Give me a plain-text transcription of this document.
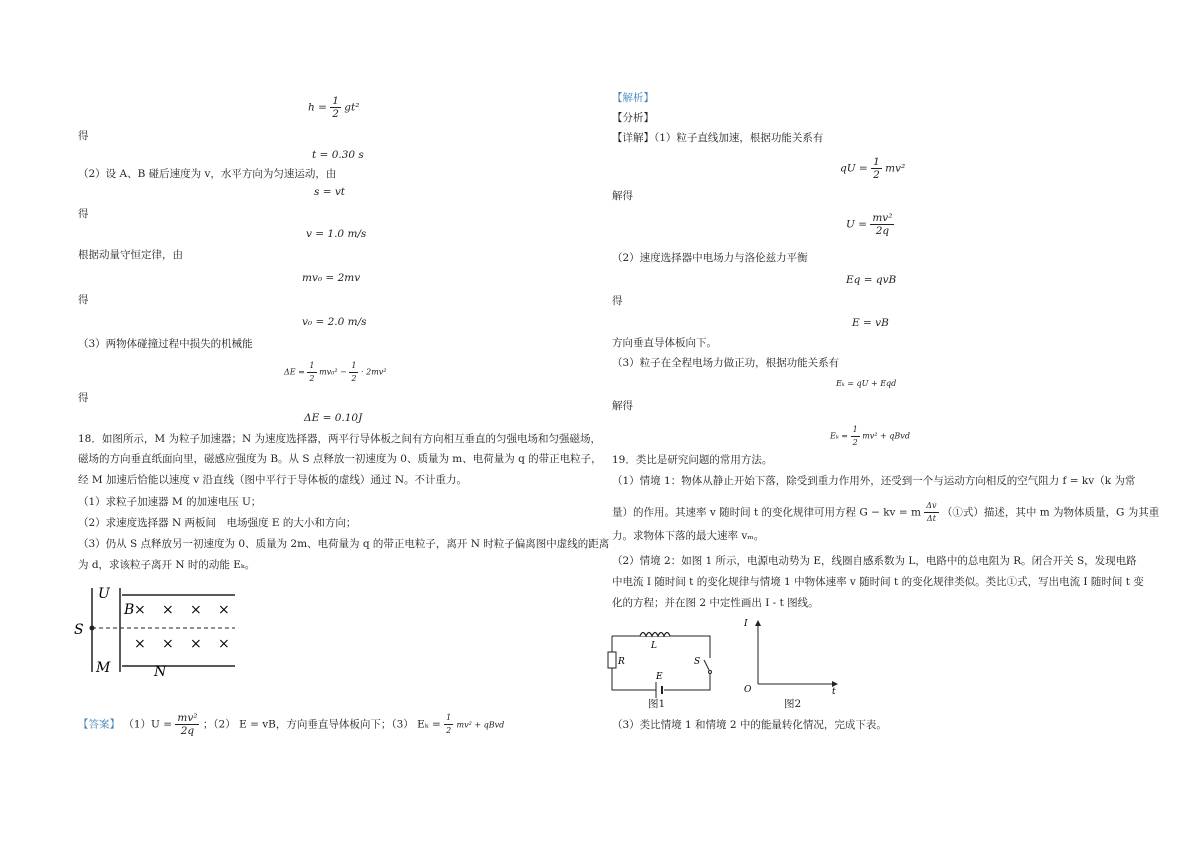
$h = \frac{1}{2} gt^2$
得
t = 0.30 s
（2）设 A、B 碰后速度为 v，水平方向为匀速运动，由
s = vt
得
v = 1.0 m/s
根据动量守恒定律，由
mv₀ = 2mv
得
v₀ = 2.0 m/s
（3）两物体碰撞过程中损失的机械能
$\Delta E = \frac{1}{2} mv_0^2 - \frac{1}{2} \cdot 2mv^2$
得
ΔE = 0.10J
18．如图所示，M 为粒子加速器；N 为速度选择器，两平行导体板之间有方向相互垂直的匀强电场和匀强磁场，
磁场的方向垂直纸面向里，磁感应强度为 B。从 S 点释放一初速度为 0、质量为 m、电荷量为 q 的带正电粒子，
经 M 加速后恰能以速度 v 沿直线（图中平行于导体板的虚线）通过 N。不计重力。
（1）求粒子加速器 M 的加速电压 U；
（2）求速度选择器 N 两板间　电场强度 E 的大小和方向；
（3）仍从 S 点释放另一初速度为 0、质量为 2m、电荷量为 q 的带正电粒子，离开 N 时粒子偏离图中虚线的距离
为 d，求该粒子离开 N 时的动能 Eₖ。
U
B
S
M	N
× × × ×
× × × ×
【答案】 $(1)U = \frac{\text{mv²}}{2q}$ ；（2） E = vB，方向垂直导体板向下；（3） $E_k = \frac{1}{2} mv^2$ + qBvd
【解析】
【分析】
【详解】（1）粒子直线加速，根据功能关系有
qU = $\frac{1}{2} mv^2$
解得
$U = \frac{\text{mv²}}{2q}$
（2）速度选择器中电场力与洛伦兹力平衡
Eq = qvB
得
E = vB
方向垂直导体板向下。
（3）粒子在全程电场力做正功，根据功能关系有
Eₖ = qU + Eqd
解得
$E_k = \frac{1}{2} mv^2$ + qBvd
19．类比是研究问题的常用方法。
（1）情境 1：物体从静止开始下落，除受到重力作用外，还受到一个与运动方向相反的空气阻力 f = kv（k 为常
量）的作用。其速率 v 随时间 t 的变化规律可用方程 G − kv = m $\frac{\Delta v}{\Delta t}$ （①式）描述，其中 m 为物体质量，G 为其重
力。求物体下落的最大速率 vₘ。
（2）情境 2：如图 1 所示，电源电动势为 E，线圈自感系数为 L，电路中的总电阻为 R。闭合开关 S，发现电路
中电流 I 随时间 t 的变化规律与情境 1 中物体速率 v 随时间 t 的变化规律类似。类比①式，写出电流 I 随时间 t 变
化的方程；并在图 2 中定性画出 I - t 图线。
L
R
E
S
图1
I
O	t
图2
（3）类比情境 1 和情境 2 中的能量转化情况，完成下表。
